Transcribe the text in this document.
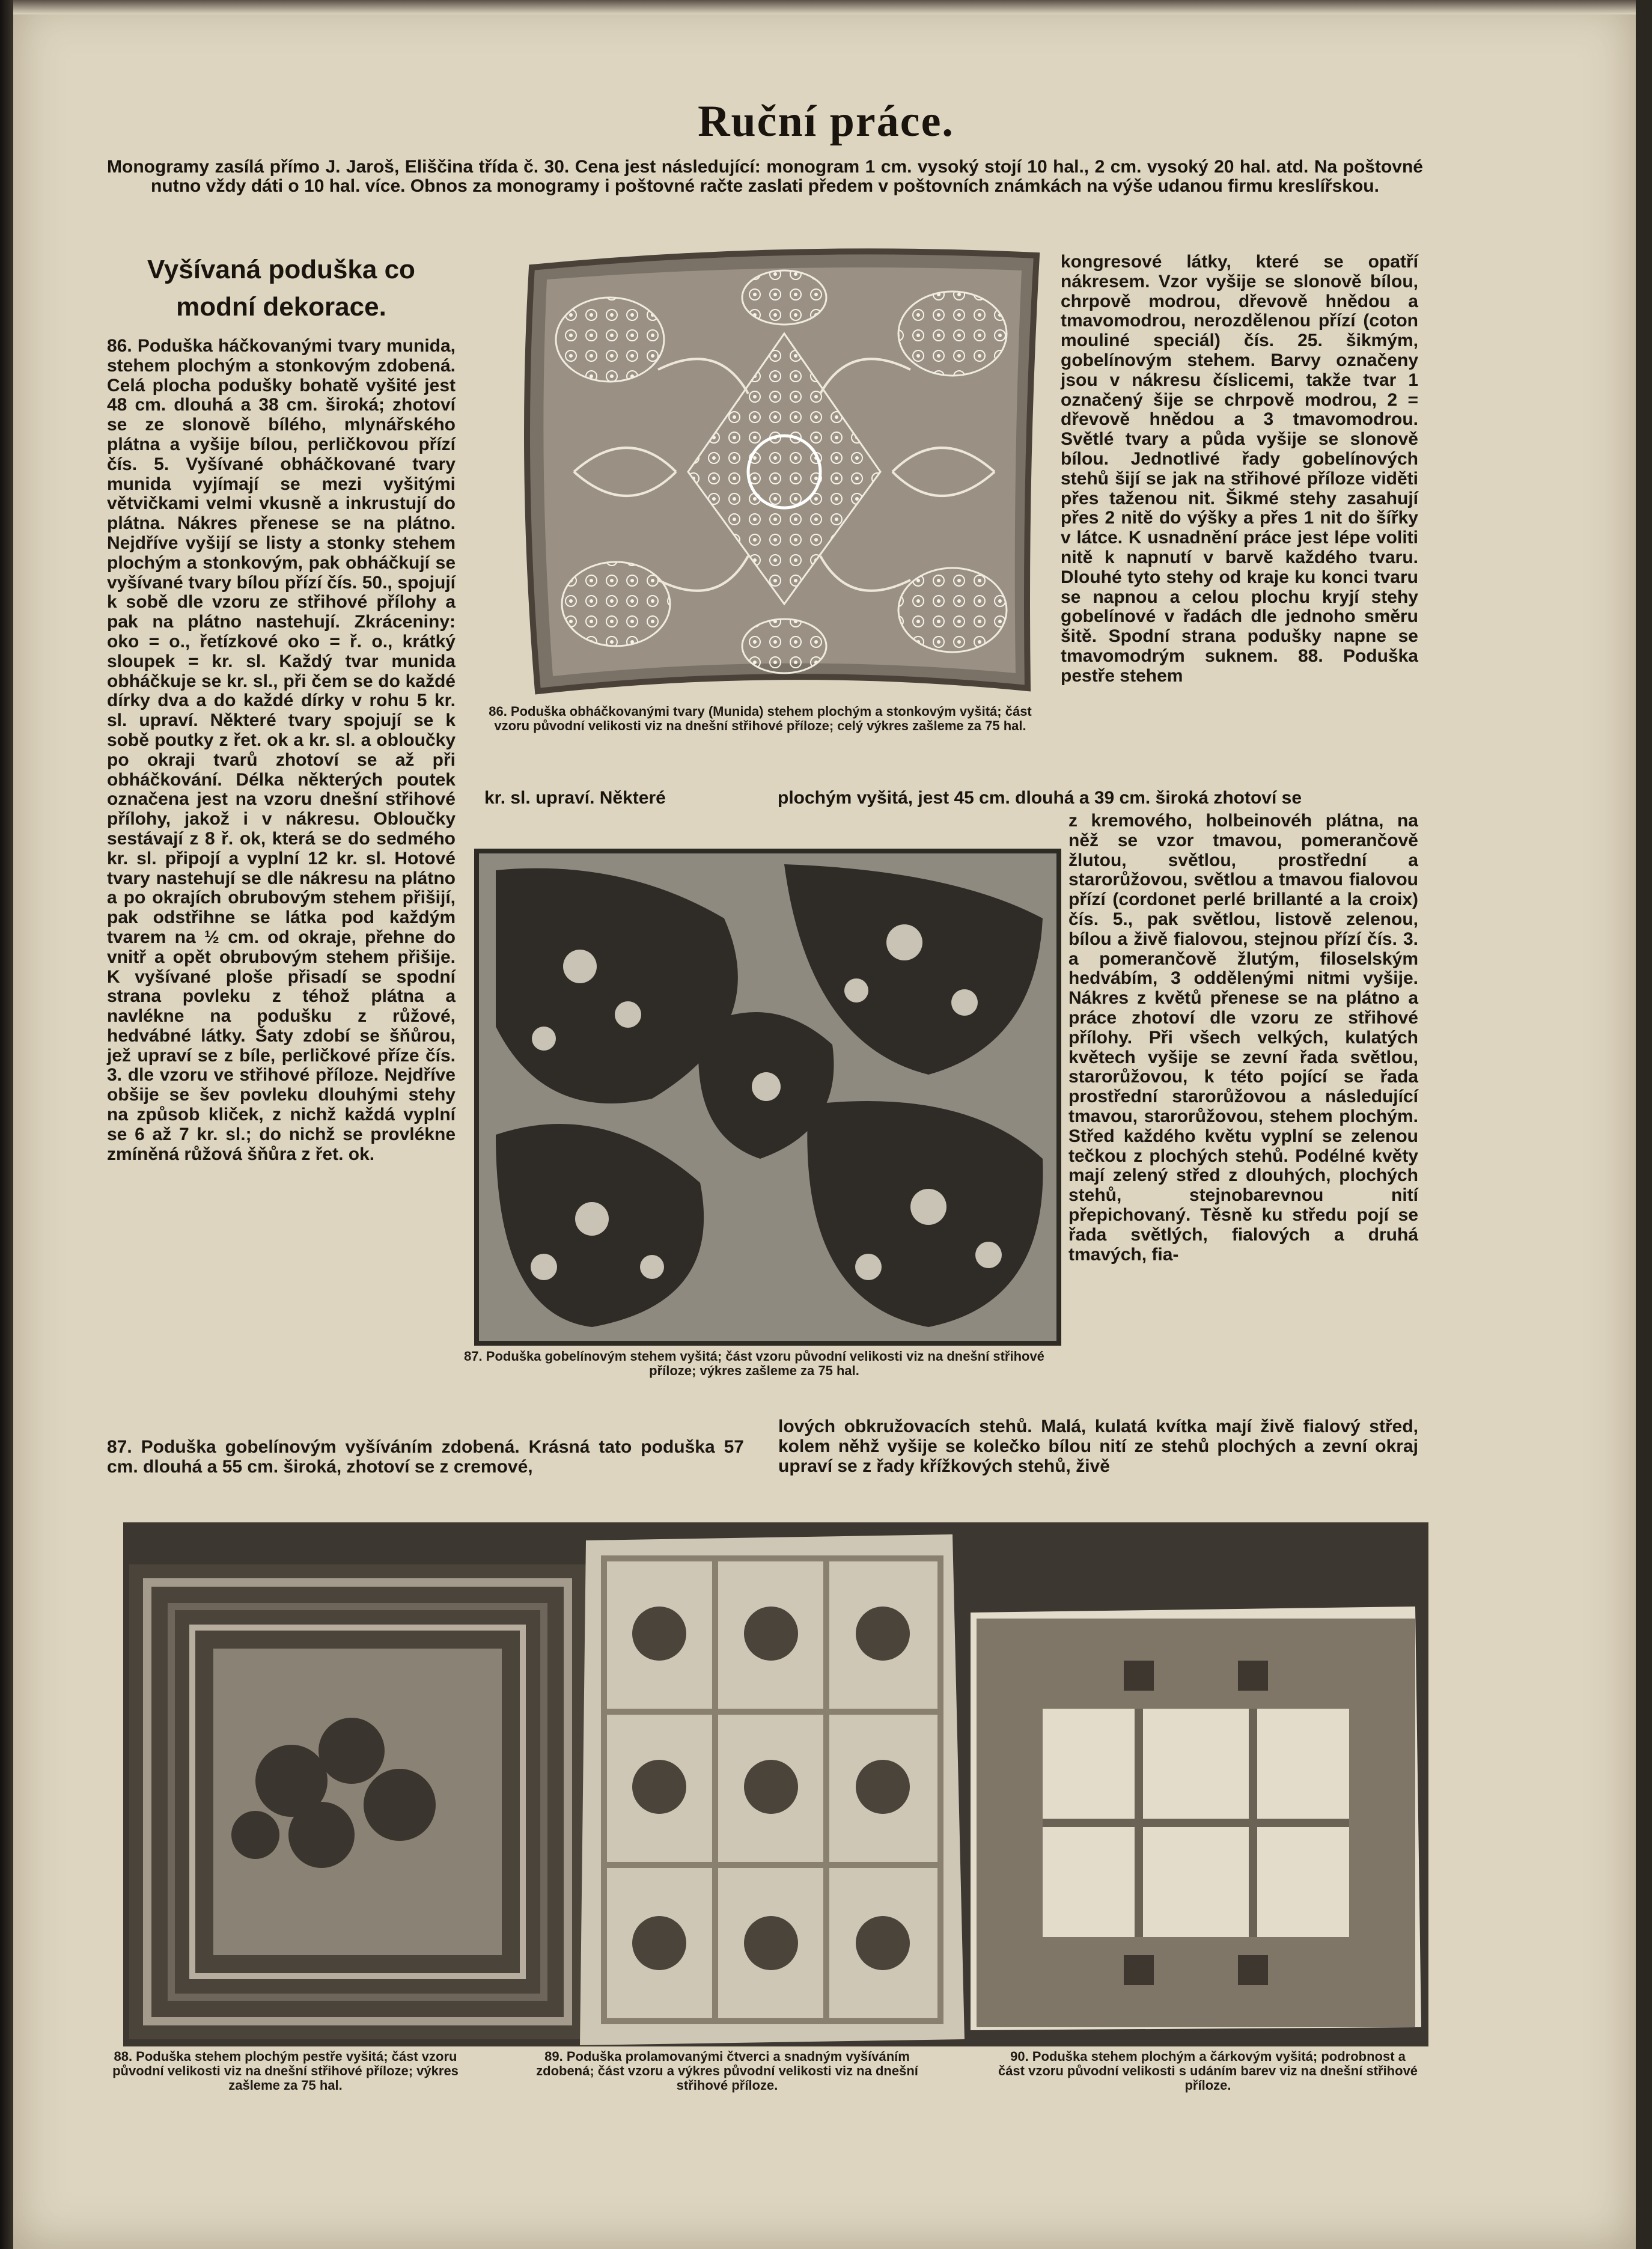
Ruční práce.

Monogramy zasílá přímo J. Jaroš, Eliščina třída č. 30. Cena jest následující: monogram 1 cm. vysoký stojí 10 hal., 2 cm. vysoký 20 hal. atd. Na poštovné nutno vždy dáti o 10 hal. více. Obnos za monogramy i poštovné račte zaslati předem v poštovních známkách na výše udanou firmu kreslířskou.

Vyšívaná poduška co modní dekorace.

86. Poduška háčkovanými tvary munida, stehem plochým a stonkovým zdobená. Celá plocha podušky bohatě vyšité jest 48 cm. dlouhá a 38 cm. široká; zhotoví se ze slonově bílého, mlynářského plátna a vyšije bílou, perličkovou přízí čís. 5. Vyšívané obháčkované tvary munida vyjímají se mezi vyšitými větvičkami velmi vkusně a inkrustují do plátna. Nákres přenese se na plátno. Nejdříve vyšijí se listy a stonky stehem plochým a stonkovým, pak obháčkují se vyšívané tvary bílou přízí čís. 50., spojují k sobě dle vzoru ze střihové přílohy a pak na plátno nastehují. Zkráceniny: oko = o., řetízkové oko = ř. o., krátký sloupek = kr. sl. Každý tvar munida obháčkuje se kr. sl., při čem se do každé dírky dva a do každé dírky v rohu 5 kr. sl. upraví. Některé tvary spojují se k sobě poutky z řet. ok a kr. sl. a obloučky po okraji tvarů zhotoví se až při obháčkování. Délka některých poutek označena jest na vzoru dnešní střihové přílohy, jakož i v nákresu. Obloučky sestávají z 8 ř. ok, která se do sedmého kr. sl. připojí a vyplní 12 kr. sl. Hotové tvary nastehují se dle nákresu na plátno a po okrajích obrubovým stehem přišijí, pak odstřihne se látka pod každým tvarem na ½ cm. od okraje, přehne do vnitř a opět obrubovým stehem přišije. K vyšívané ploše přisadí se spodní strana povleku z téhož plátna a navlékne na podušku z růžové, hedvábné látky. Šaty zdobí se šňůrou, jež upraví se z bíle, perličkové příze čís. 3. dle vzoru ve střihové příloze. Nejdříve obšije se šev povleku dlouhými stehy na způsob kliček, z nichž každá vyplní se 6 až 7 kr. sl.; do nichž se provlékne zmíněná růžová šňůra z řet. ok.

87. Poduška gobelínovým vyšíváním zdobená. Krásná tato poduška 57 cm. dlouhá a 55 cm. široká, zhotoví se z cremové,

kr. sl. upraví. Některé	plochým vyšitá, jest 45 cm. dlouhá a 39 cm. široká zhotoví se

kongresové látky, které se opatří nákresem. Vzor vyšije se slonově bílou, chrpově modrou, dřevově hnědou a tmavomodrou, nerozdělenou přízí (coton mouliné speciál) čís. 25. šikmým, gobelínovým stehem. Barvy označeny jsou v nákresu číslicemi, takže tvar 1 označený šije se chrpově modrou, 2 = dřevově hnědou a 3 tmavomodrou. Světlé tvary a půda vyšije se slonově bílou. Jednotlivé řady gobelínových stehů šijí se jak na střihové příloze viděti přes taženou nit. Šikmé stehy zasahují přes 2 nitě do výšky a přes 1 nit do šířky v látce. K usnadnění práce jest lépe voliti nitě k napnutí v barvě každého tvaru. Dlouhé tyto stehy od kraje ku konci tvaru se napnou a celou plochu kryjí stehy gobelínové v řadách dle jednoho směru šitě. Spodní strana podušky napne se tmavomodrým suknem. 88. Poduška pestře stehem

z kremového, holbeinovéh plátna, na něž se vzor tmavou, pomerančově žlutou, světlou, prostřední a starorůžovou, světlou a tmavou fialovou přízí (cordonet perlé brillanté a la croix) čís. 5., pak světlou, listově zelenou, bílou a živě fialovou, stejnou přízí čís. 3. a pomerančově žlutým, filoselským hedvábím, 3 oddělenými nitmi vyšije. Nákres z květů přenese se na plátno a práce zhotoví dle vzoru ze střihové přílohy. Při všech velkých, kulatých květech vyšije se zevní řada světlou, starorůžovou, k této pojící se řada prostřední starorůžovou a následující tmavou, starorůžovou, stehem plochým. Střed každého květu vyplní se zelenou tečkou z plochých stehů. Podélné květy mají zelený střed z dlouhých, plochých stehů, stejnobarevnou nití přepichovaný. Těsně ku středu pojí se řada světlých, fialových a druhá tmavých, fia-

lových obkružovacích stehů. Malá, kulatá kvítka mají živě fialový střed, kolem něhž vyšije se kolečko bílou nití ze stehů plochých a zevní okraj upraví se z řady křížkových stehů, živě

86. Poduška obháčkovanými tvary (Munida) stehem plochým a stonkovým vyšitá; část vzoru původní velikosti viz na dnešní střihové příloze; celý výkres zašleme za 75 hal.

87. Poduška gobelínovým stehem vyšitá; část vzoru původní velikosti viz na dnešní střihové příloze; výkres zašleme za 75 hal.

88. Poduška stehem plochým pestře vyšitá; část vzoru původní velikosti viz na dnešní střihové příloze; výkres zašleme za 75 hal.

89. Poduška prolamovanými čtverci a snadným vyšíváním zdobená; část vzoru a výkres původní velikosti viz na dnešní střihové příloze.

90. Poduška stehem plochým a čárkovým vyšitá; podrobnost a část vzoru původní velikosti s udáním barev viz na dnešní střihové příloze.
